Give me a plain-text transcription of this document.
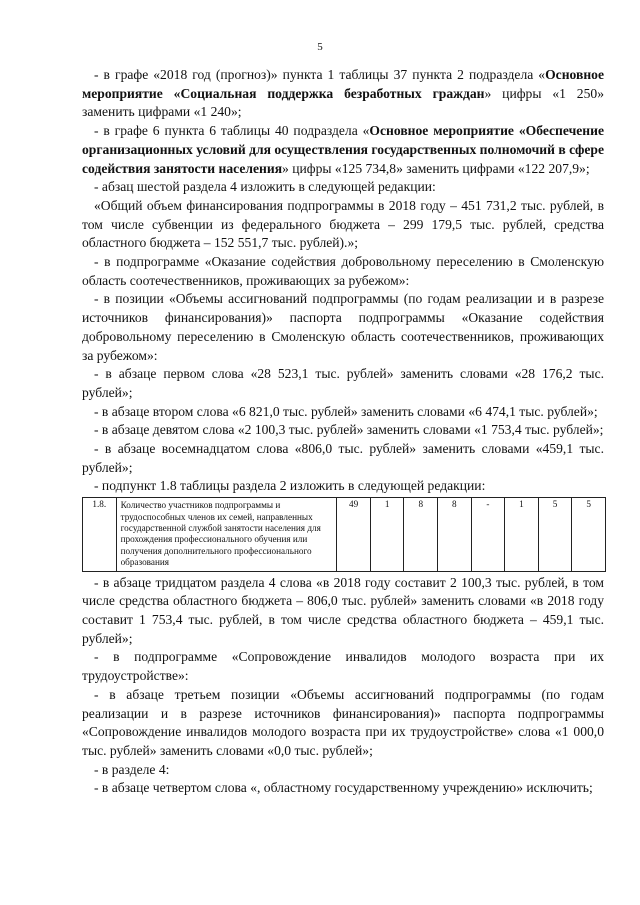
5

- в графе «2018 год (прогноз)» пункта 1 таблицы 37 пункта 2 подраздела «Основное мероприятие «Социальная поддержка безработных граждан» цифры «1 250» заменить цифрами «1 240»;

- в графе 6 пункта 6 таблицы 40 подраздела «Основное мероприятие «Обеспечение организационных условий для осуществления государственных полномочий в сфере содействия занятости населения» цифры «125 734,8» заменить цифрами «122 207,9»;

- абзац шестой раздела 4 изложить в следующей редакции:

«Общий объем финансирования подпрограммы в 2018 году – 451 731,2 тыс. рублей, в том числе субвенции из федерального бюджета – 299 179,5 тыс. рублей, средства областного бюджета – 152 551,7 тыс. рублей).»;

- в подпрограмме «Оказание содействия добровольному переселению в Смоленскую область соотечественников, проживающих за рубежом»:

- в позиции «Объемы ассигнований подпрограммы (по годам реализации и в разрезе источников финансирования)» паспорта подпрограммы «Оказание содействия добровольному переселению в Смоленскую область соотечественников, проживающих за рубежом»:

- в абзаце первом слова «28 523,1 тыс. рублей» заменить словами «28 176,2 тыс. рублей»;

- в абзаце втором слова «6 821,0 тыс. рублей» заменить словами «6 474,1 тыс. рублей»;

- в абзаце девятом слова «2 100,3 тыс. рублей» заменить словами «1 753,4 тыс. рублей»;

- в абзаце восемнадцатом слова «806,0 тыс. рублей» заменить словами «459,1 тыс. рублей»;

- подпункт 1.8 таблицы раздела 2 изложить в следующей редакции:

1.8.	Количество участников подпрограммы и трудоспособных членов их семей, направленных государственной службой занятости населения для прохождения профессионального обучения или получения дополнительного профессионального образования	49	1	8	8	-	1	5	5

- в абзаце тридцатом раздела 4 слова «в 2018 году составит 2 100,3 тыс. рублей, в том числе средства областного бюджета – 806,0 тыс. рублей» заменить словами «в 2018 году составит 1 753,4 тыс. рублей, в том числе средства областного бюджета – 459,1 тыс. рублей»;

- в подпрограмме «Сопровождение инвалидов молодого возраста при их трудоустройстве»:

- в абзаце третьем позиции «Объемы ассигнований подпрограммы (по годам реализации и в разрезе источников финансирования)» паспорта подпрограммы «Сопровождение инвалидов молодого возраста при их трудоустройстве» слова «1 000,0 тыс. рублей» заменить словами «0,0 тыс. рублей»;

- в разделе 4:

- в абзаце четвертом слова «, областному государственному учреждению» исключить;
